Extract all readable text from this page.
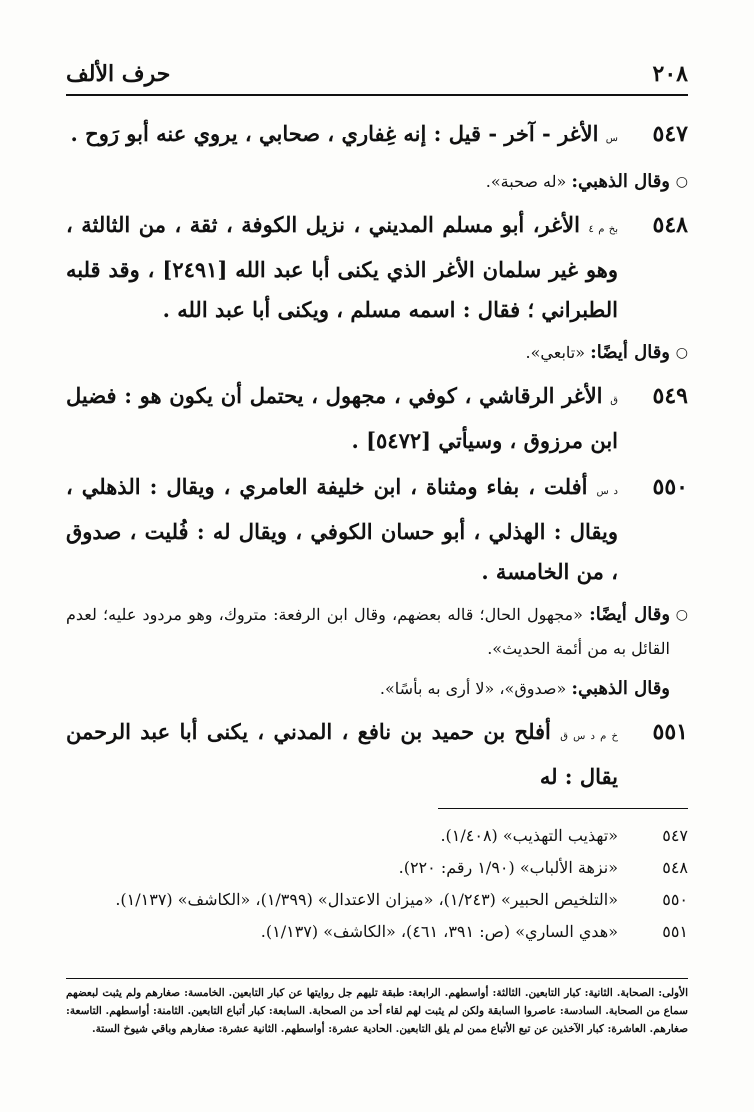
٢٠٨
حرف الألف
٥٤٧
س الأغر - آخر - قيل : إنه غِفاري ، صحابي ، يروي عنه أبو رَوح .
○
وقال الذهبي: «له صحبة».
٥٤٨
بخ م ٤ الأغر، أبو مسلم المديني ، نزيل الكوفة ، ثقة ، من الثالثة ، وهو غير سلمان الأغر الذي يكنى أبا عبد الله [٢٤٩١] ، وقد قلبه الطبراني ؛ فقال : اسمه مسلم ، ويكنى أبا عبد الله .
○
وقال أيضًا: «تابعي».
٥٤٩
ق الأغر الرقاشي ، كوفي ، مجهول ، يحتمل أن يكون هو : فضيل ابن مرزوق ، وسيأتي [٥٤٧٢] .
٥٥٠
د س أفلت ، بفاء ومثناة ، ابن خليفة العامري ، ويقال : الذهلي ، ويقال : الهذلي ، أبو حسان الكوفي ، ويقال له : فُليت ، صدوق ، من الخامسة .
○
وقال أيضًا: «مجهول الحال؛ قاله بعضهم، وقال ابن الرفعة: متروك، وهو مردود عليه؛ لعدم القائل به من أئمة الحديث».
وقال الذهبي: «صدوق»، «لا أرى به بأسًا».
٥٥١
خ م د س ق أفلح بن حميد بن نافع ، المدني ، يكنى أبا عبد الرحمن يقال : له
٥٤٧
«تهذيب التهذيب» (١/٤٠٨).
٥٤٨
«نزهة الألباب» (١/٩٠ رقم: ٢٢٠).
٥٥٠
«التلخيص الحبير» (١/٢٤٣)، «ميزان الاعتدال» (١/٣٩٩)، «الكاشف» (١/١٣٧).
٥٥١
«هدي الساري» (ص: ٣٩١، ٤٦١)، «الكاشف» (١/١٣٧).
الأولى: الصحابة. الثانية: كبار التابعين. الثالثة: أواسطهم. الرابعة: طبقة تليهم جل روايتها عن كبار التابعين. الخامسة: صغارهم ولم يثبت لبعضهم سماع من الصحابة. السادسة: عاصروا السابقة ولكن لم يثبت لهم لقاء أحد من الصحابة. السابعة: كبار أتباع التابعين. الثامنة: أواسطهم. التاسعة: صغارهم. العاشرة: كبار الآخذين عن تبع الأتباع ممن لم يلق التابعين. الحادية عشرة: أواسطهم. الثانية عشرة: صغارهم وباقي شيوخ الستة.
